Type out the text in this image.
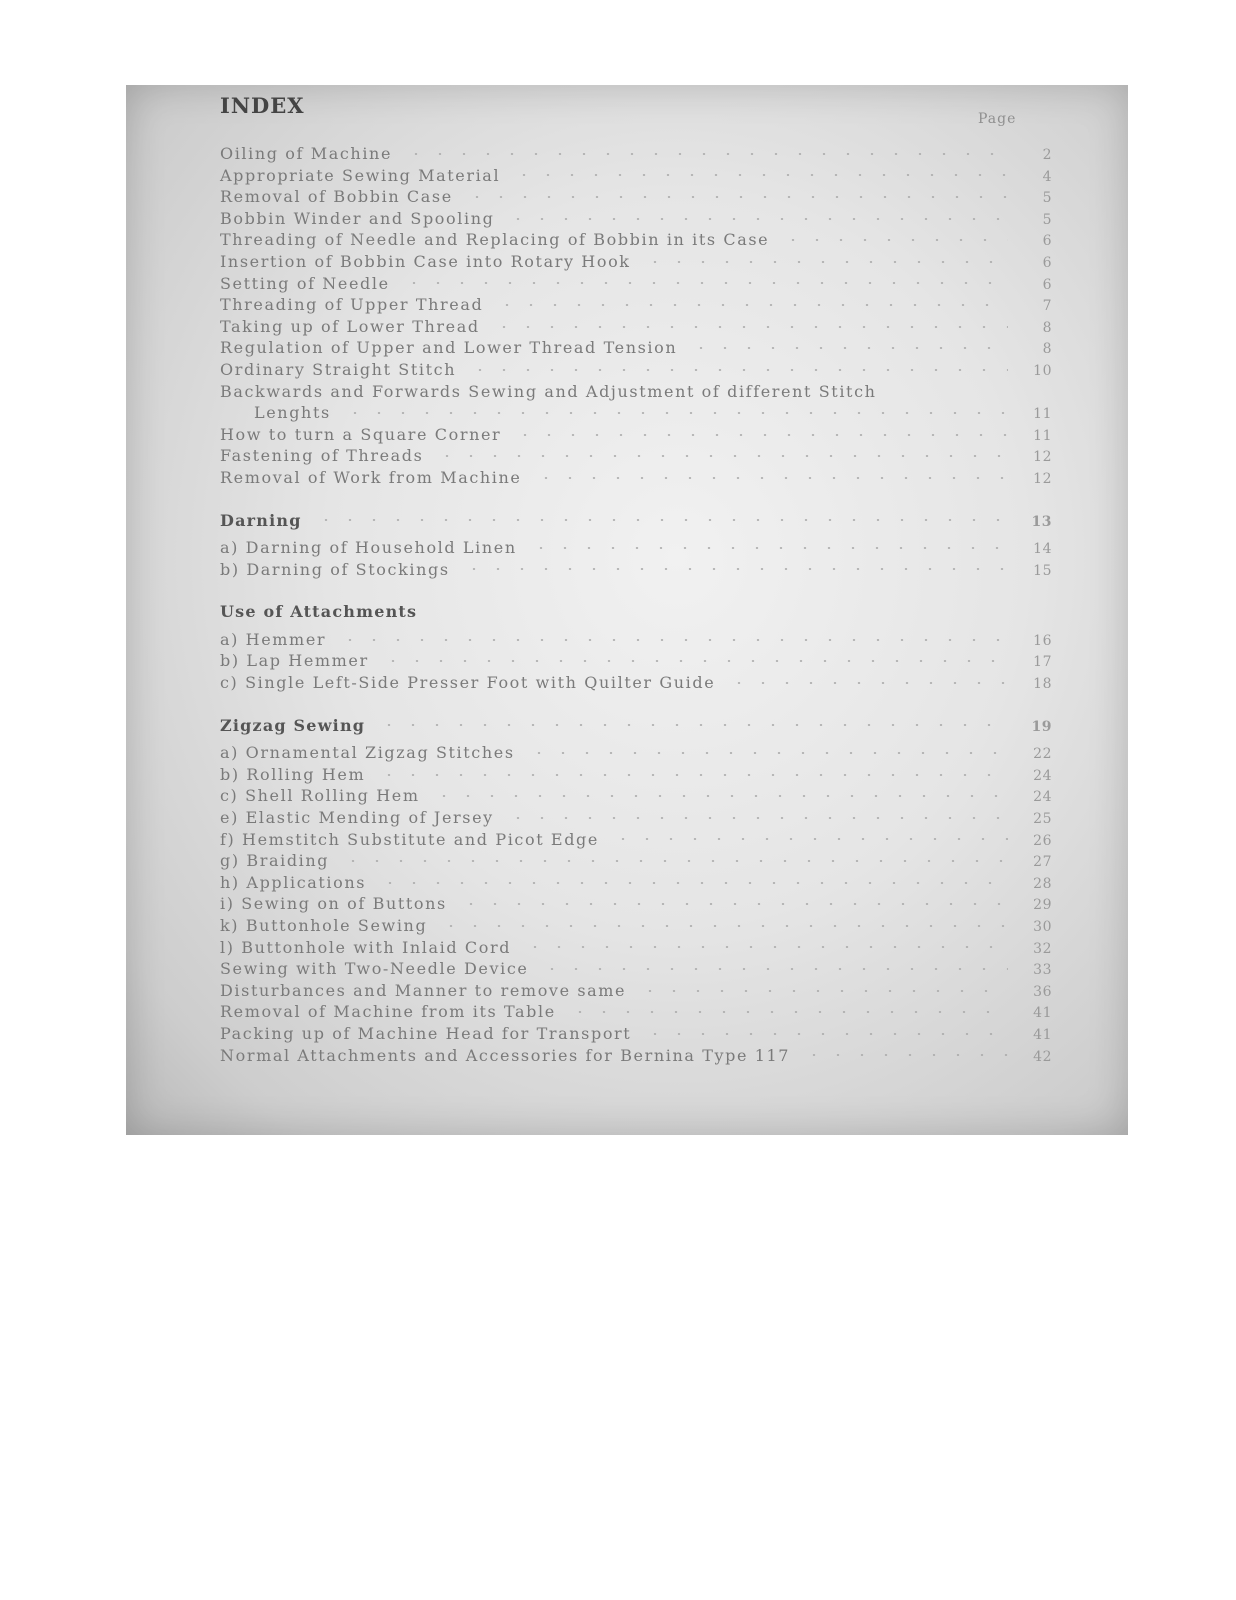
INDEX
Page
Oiling of Machine	2
Appropriate Sewing Material	4
Removal of Bobbin Case	5
Bobbin Winder and Spooling	5
Threading of Needle and Replacing of Bobbin in its Case	6
Insertion of Bobbin Case into Rotary Hook	6
Setting of Needle	6
Threading of Upper Thread	7
Taking up of Lower Thread	8
Regulation of Upper and Lower Thread Tension	8
Ordinary Straight Stitch	10
Backwards and Forwards Sewing and Adjustment of different Stitch
Lenghts	11
How to turn a Square Corner	11
Fastening of Threads	12
Removal of Work from Machine	12
Darning	13
a) Darning of Household Linen	14
b) Darning of Stockings	15
Use of Attachments
a) Hemmer	16
b) Lap Hemmer	17
c) Single Left-Side Presser Foot with Quilter Guide	18
Zigzag Sewing	19
a) Ornamental Zigzag Stitches	22
b) Rolling Hem	24
c) Shell Rolling Hem	24
e) Elastic Mending of Jersey	25
f) Hemstitch Substitute and Picot Edge	26
g) Braiding	27
h) Applications	28
i) Sewing on of Buttons	29
k) Buttonhole Sewing	30
l) Buttonhole with Inlaid Cord	32
Sewing with Two-Needle Device	33
Disturbances and Manner to remove same	36
Removal of Machine from its Table	41
Packing up of Machine Head for Transport	41
Normal Attachments and Accessories for Bernina Type 117	42
